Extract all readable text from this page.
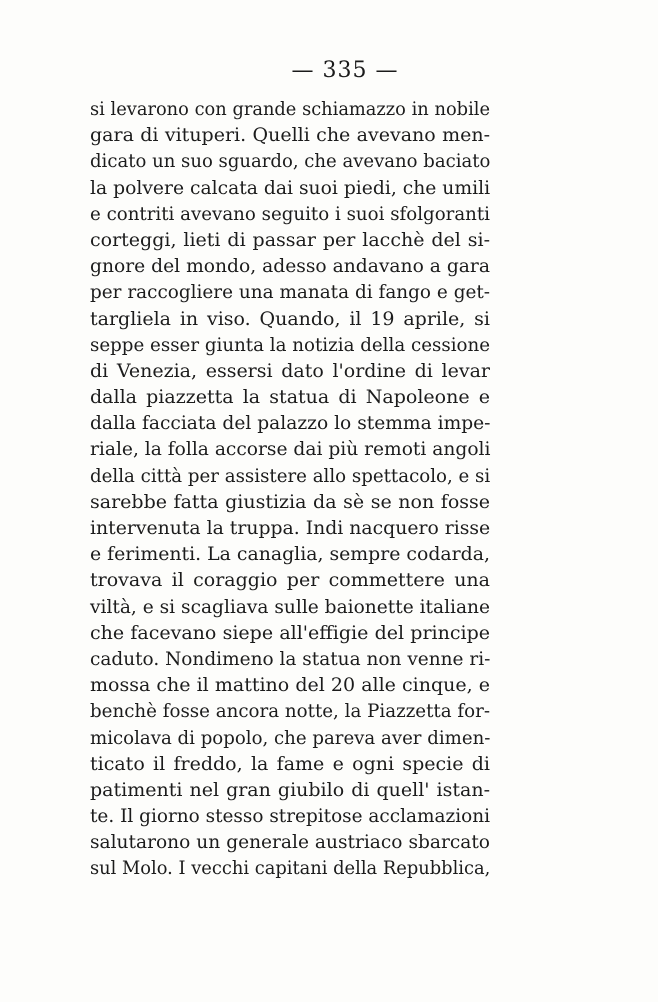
— 335 —
si levarono con grande schiamazzo in nobile
gara di vituperi. Quelli che avevano men-
dicato un suo sguardo, che avevano baciato
la polvere calcata dai suoi piedi, che umili
e contriti avevano seguito i suoi sfolgoranti
corteggi, lieti di passar per lacchè del si-
gnore del mondo, adesso andavano a gara
per raccogliere una manata di fango e get-
targliela in viso. Quando, il 19 aprile, si
seppe esser giunta la notizia della cessione
di Venezia, essersi dato l'ordine di levar
dalla piazzetta la statua di Napoleone e
dalla facciata del palazzo lo stemma impe-
riale, la folla accorse dai più remoti angoli
della città per assistere allo spettacolo, e si
sarebbe fatta giustizia da sè se non fosse
intervenuta la truppa. Indi nacquero risse
e ferimenti. La canaglia, sempre codarda,
trovava il coraggio per commettere una
viltà, e si scagliava sulle baionette italiane
che facevano siepe all'effigie del principe
caduto. Nondimeno la statua non venne ri-
mossa che il mattino del 20 alle cinque, e
benchè fosse ancora notte, la Piazzetta for-
micolava di popolo, che pareva aver dimen-
ticato il freddo, la fame e ogni specie di
patimenti nel gran giubilo di quell' istan-
te. Il giorno stesso strepitose acclamazioni
salutarono un generale austriaco sbarcato
sul Molo. I vecchi capitani della Repubblica,
